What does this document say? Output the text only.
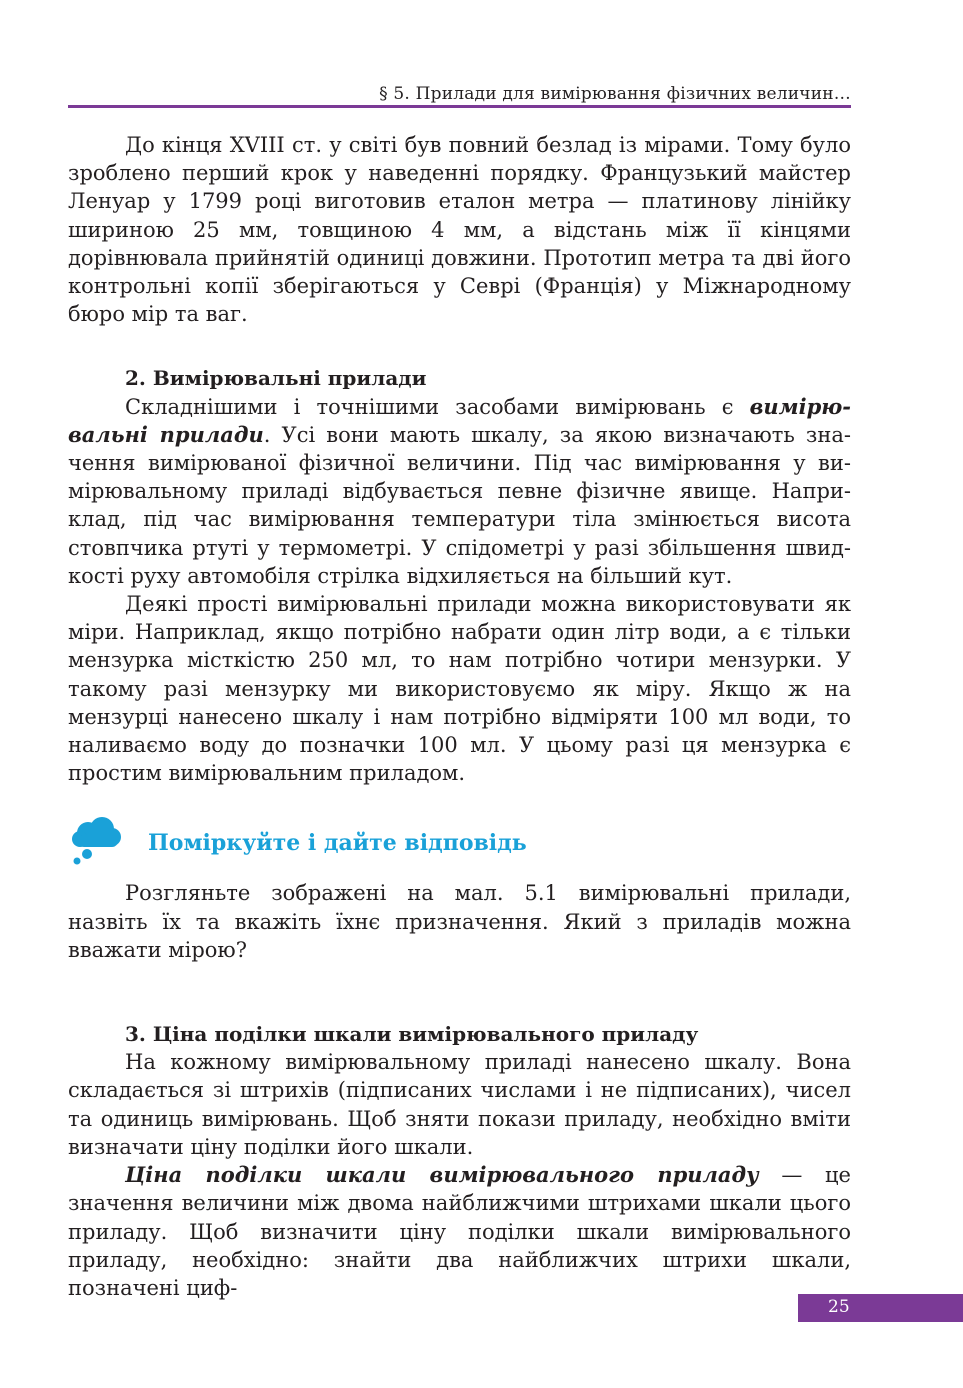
§ 5. Прилади для вимірювання фізичних величин…

До кінця XVIII ст. у світі був повний безлад із мірами. Тому було зроблено перший крок у наведенні порядку. Французький майстер Ленуар у 1799 році виготовив еталон метра — платинову лінійку шириною 25 мм, товщиною 4 мм, а відстань між її кінцями дорівнювала прийнятій одиниці довжини. Прототип метра та дві його контрольні копії зберігаються у Севрі (Франція) у Міжнародному бюро мір та ваг.

2. Вимірювальні прилади

Складнішими і точнішими засобами вимірювань є вимірювальні прилади. Усі вони мають шкалу, за якою визначають значення вимірюваної фізичної величини. Під час вимірювання у вимірювальному приладі відбувається певне фізичне явище. Наприклад, під час вимірювання температури тіла змінюється висота стовпчика ртуті у термометрі. У спідометрі у разі збільшення швидкості руху автомобіля стрілка відхиляється на більший кут.

Деякі прості вимірювальні прилади можна використовувати як міри. Наприклад, якщо потрібно набрати один літр води, а є тільки мензурка місткістю 250 мл, то нам потрібно чотири мензурки. У такому разі мензурку ми використовуємо як міру. Якщо ж на мензурці нанесено шкалу і нам потрібно відміряти 100 мл води, то наливаємо воду до позначки 100 мл. У цьому разі ця мензурка є простим вимірювальним приладом.

Поміркуйте і дайте відповідь

Розгляньте зображені на мал. 5.1 вимірювальні прилади, назвіть їх та вкажіть їхнє призначення. Який з приладів можна вважати мірою?

3. Ціна поділки шкали вимірювального приладу

На кожному вимірювальному приладі нанесено шкалу. Вона складається зі штрихів (підписаних числами і не підписаних), чисел та одиниць вимірювань. Щоб зняти покази приладу, необхідно вміти визначати ціну поділки його шкали.

Ціна поділки шкали вимірювального приладу — це значення величини між двома найближчими штрихами шкали цього приладу. Щоб визначити ціну поділки шкали вимірювального приладу, необхідно: знайти два найближчих штрихи шкали, позначені циф-

25
